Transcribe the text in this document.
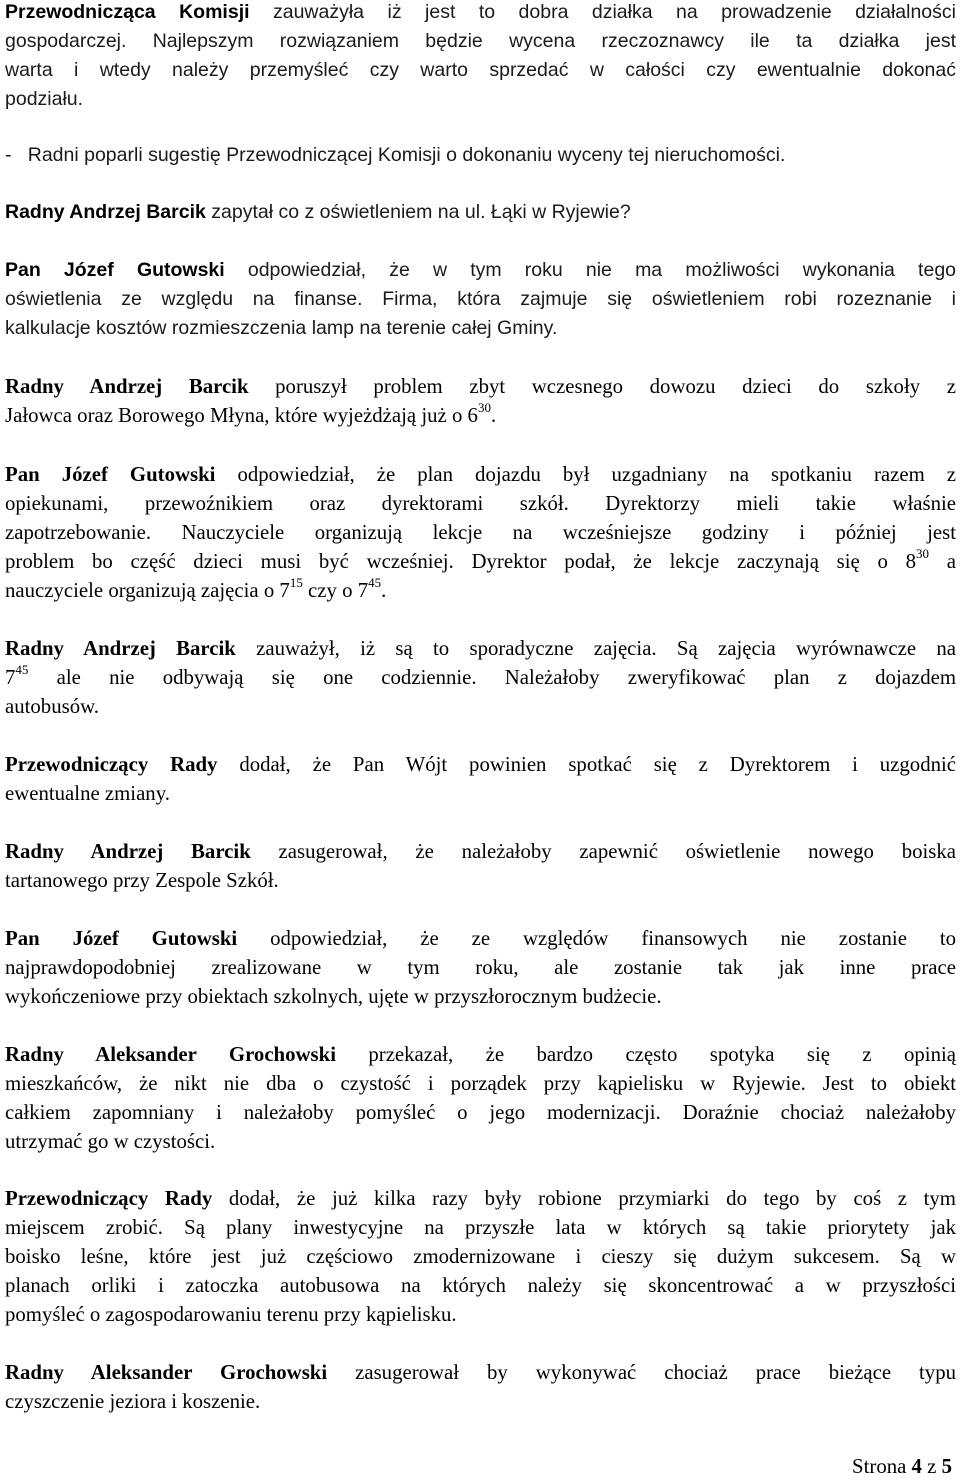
Przewodnicząca Komisji zauważyła iż jest to dobra działka na prowadzenie działalności
gospodarczej. Najlepszym rozwiązaniem będzie wycena rzeczoznawcy ile ta działka jest
warta i wtedy należy przemyśleć czy warto sprzedać w całości czy ewentualnie dokonać
podziału.

-   Radni poparli sugestię Przewodniczącej Komisji o dokonaniu wyceny tej nieruchomości.

Radny Andrzej Barcik zapytał co z oświetleniem na ul. Łąki w Ryjewie?

Pan Józef Gutowski odpowiedział, że w tym roku nie ma możliwości wykonania tego
oświetlenia ze względu na finanse. Firma, która zajmuje się oświetleniem robi rozeznanie i
kalkulacje kosztów rozmieszczenia lamp na terenie całej Gminy.

Radny Andrzej Barcik poruszył problem zbyt wczesnego dowozu dzieci do szkoły z
Jałowca oraz Borowego Młyna, które wyjeżdżają już o $6^{30}$.

Pan Józef Gutowski odpowiedział, że plan dojazdu był uzgadniany na spotkaniu razem z
opiekunami, przewoźnikiem oraz dyrektorami szkół. Dyrektorzy mieli takie właśnie
zapotrzebowanie. Nauczyciele organizują lekcje na wcześniejsze godziny i później jest
problem bo część dzieci musi być wcześniej. Dyrektor podał, że lekcje zaczynają się o $8^{30}$ a
nauczyciele organizują zajęcia o $7^{15}$ czy o $7^{45}$.

Radny Andrzej Barcik zauważył, iż są to sporadyczne zajęcia. Są zajęcia wyrównawcze na
$7^{45}$ ale nie odbywają się one codziennie. Należałoby zweryfikować plan z dojazdem
autobusów.

Przewodniczący Rady dodał, że Pan Wójt powinien spotkać się z Dyrektorem i uzgodnić
ewentualne zmiany.

Radny Andrzej Barcik zasugerował, że należałoby zapewnić oświetlenie nowego boiska
tartanowego przy Zespole Szkół.

Pan Józef Gutowski odpowiedział, że ze względów finansowych nie zostanie to
najprawdopodobniej zrealizowane w tym roku, ale zostanie tak jak inne prace
wykończeniowe przy obiektach szkolnych, ujęte w przyszłorocznym budżecie.

Radny Aleksander Grochowski przekazał, że bardzo często spotyka się z opinią
mieszkańców, że nikt nie dba o czystość i porządek przy kąpielisku w Ryjewie. Jest to obiekt
całkiem zapomniany i należałoby pomyśleć o jego modernizacji. Doraźnie chociaż należałoby
utrzymać go w czystości.

Przewodniczący Rady dodał, że już kilka razy były robione przymiarki do tego by coś z tym
miejscem zrobić. Są plany inwestycyjne na przyszłe lata w których są takie priorytety jak
boisko leśne, które jest już częściowo zmodernizowane i cieszy się dużym sukcesem. Są w
planach orliki i zatoczka autobusowa na których należy się skoncentrować a w przyszłości
pomyśleć o zagospodarowaniu terenu przy kąpielisku.

Radny Aleksander Grochowski zasugerował by wykonywać chociaż prace bieżące typu
czyszczenie jeziora i koszenie.

Strona 4 z 5
